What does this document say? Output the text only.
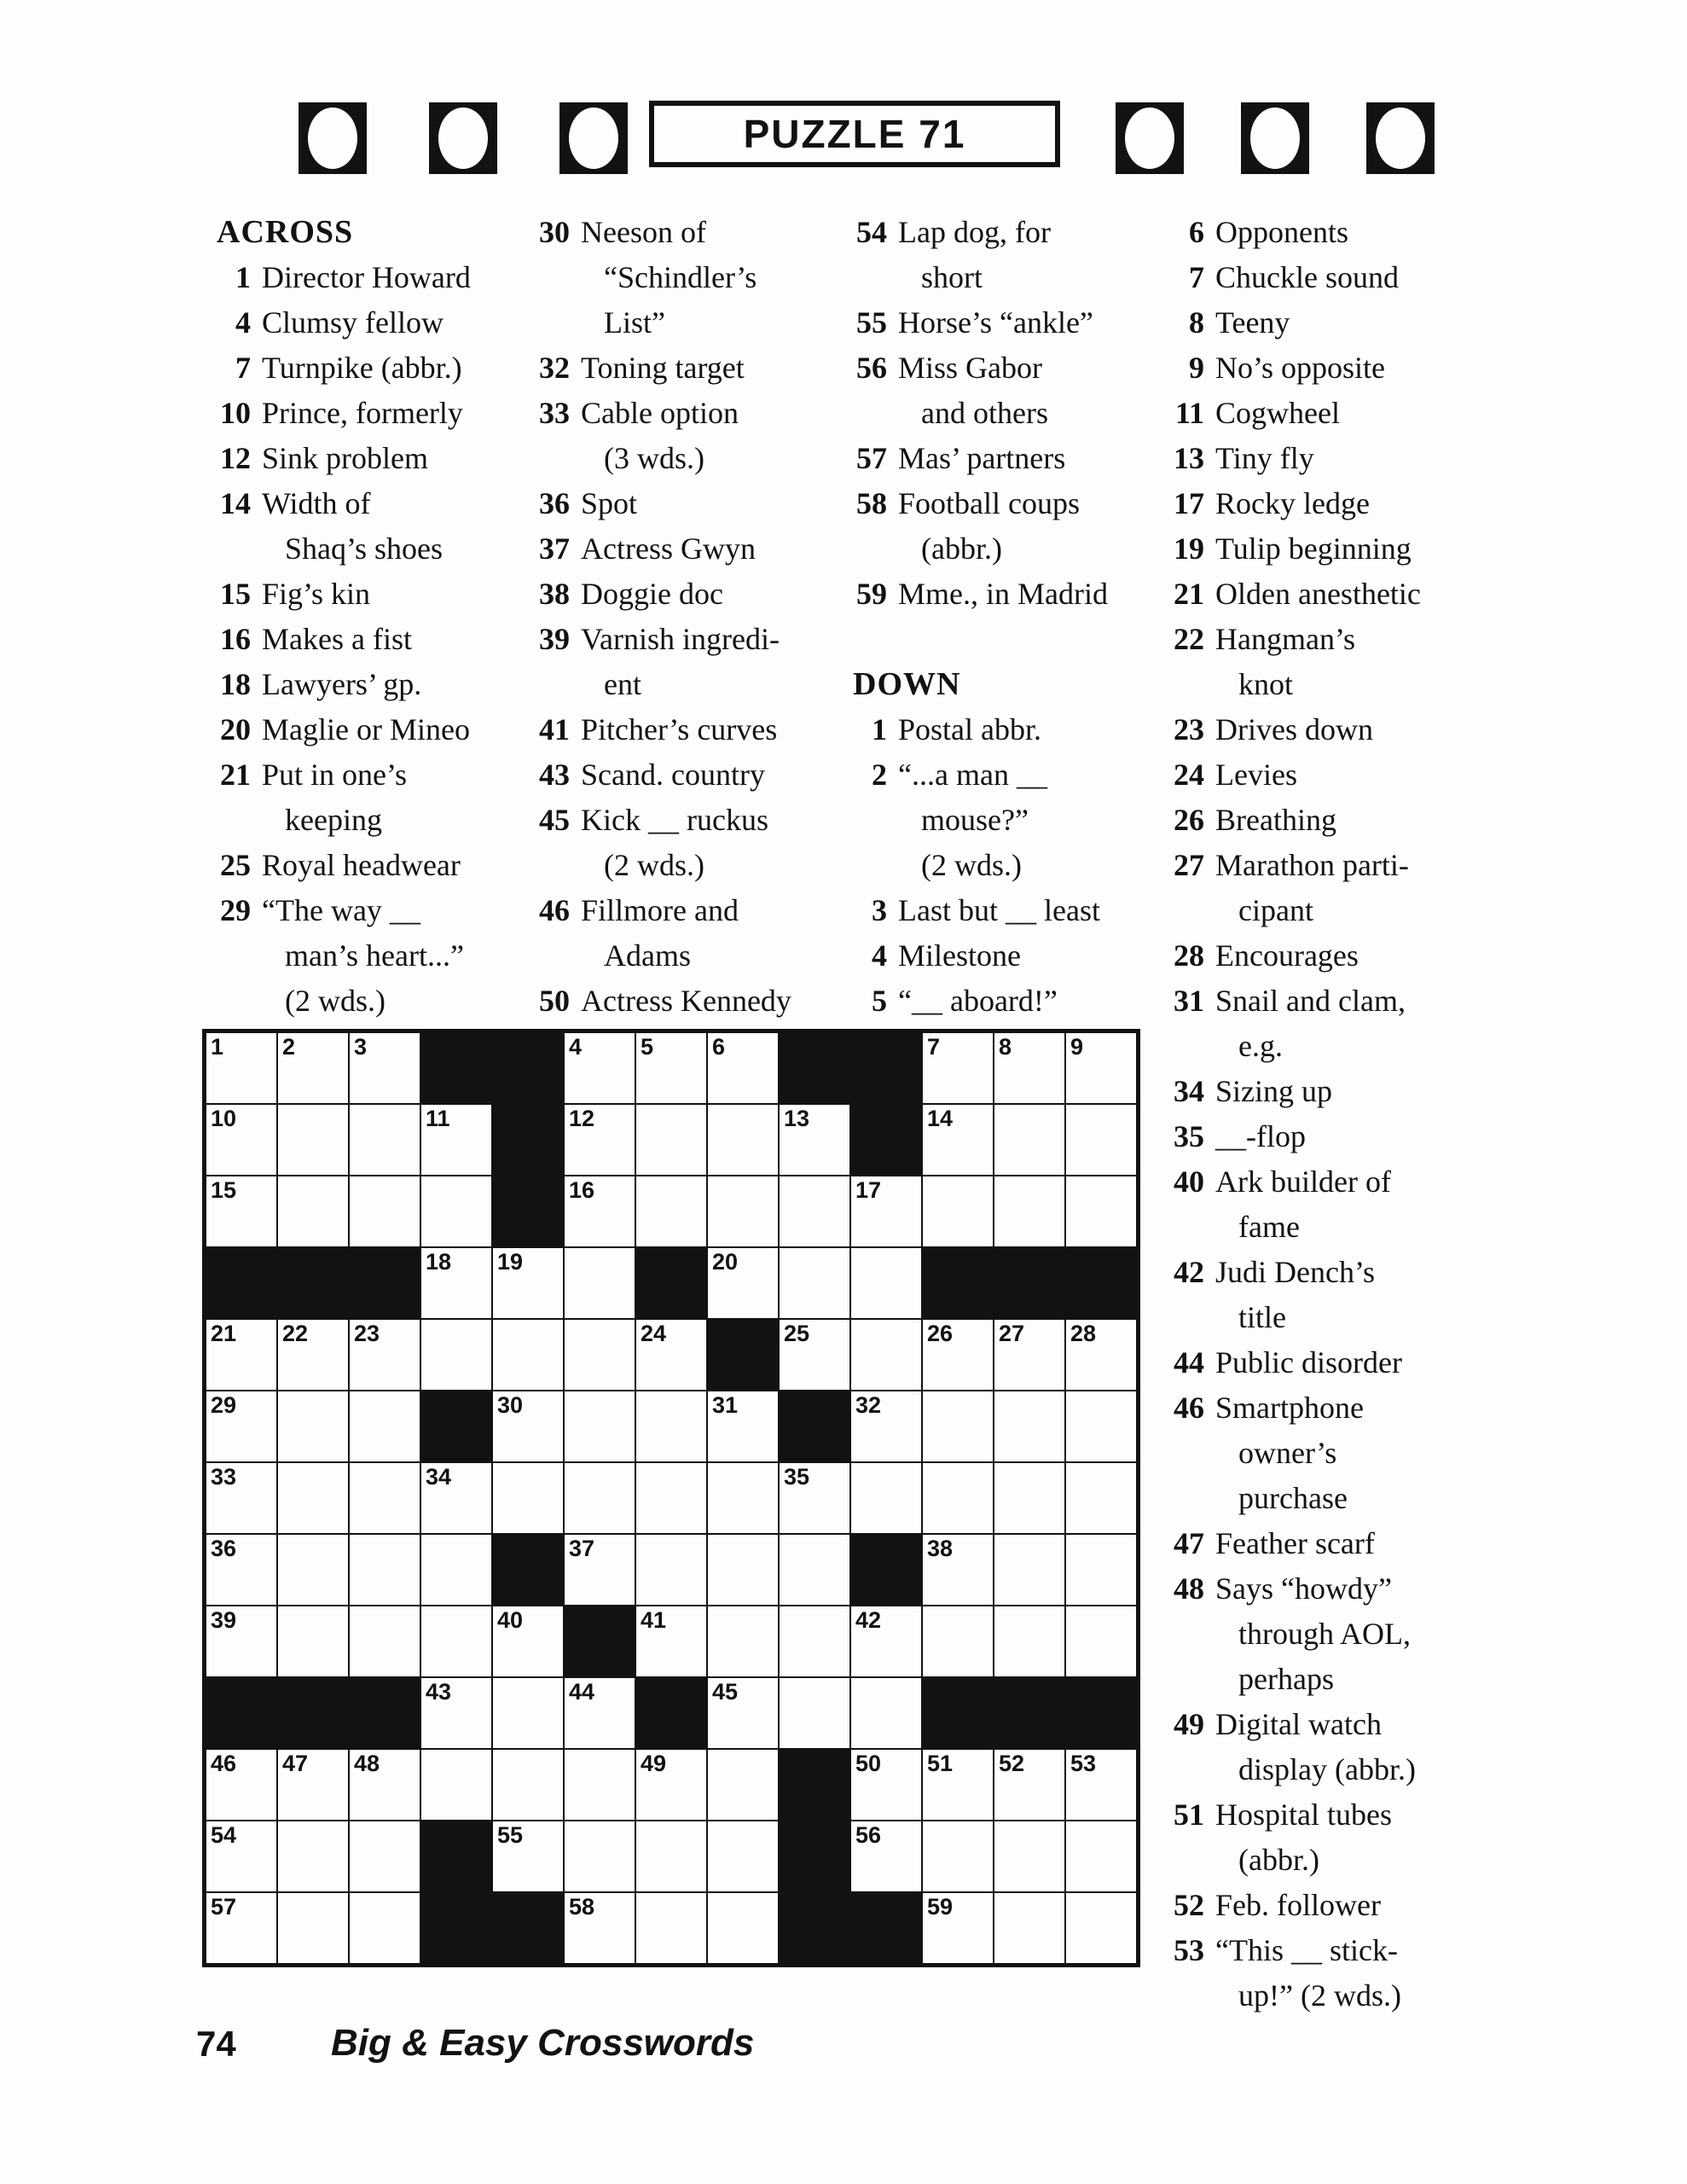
PUZZLE 71
ACROSS
1 Director Howard
4 Clumsy fellow
7 Turnpike (abbr.)
10 Prince, formerly
12 Sink problem
14 Width of
Shaq’s shoes
15 Fig’s kin
16 Makes a fist
18 Lawyers’ gp.
20 Maglie or Mineo
21 Put in one’s
keeping
25 Royal headwear
29 “The way __
man’s heart...”
(2 wds.)
30 Neeson of
“Schindler’s
List”
32 Toning target
33 Cable option
(3 wds.)
36 Spot
37 Actress Gwyn
38 Doggie doc
39 Varnish ingredi-
ent
41 Pitcher’s curves
43 Scand. country
45 Kick __ ruckus
(2 wds.)
46 Fillmore and
Adams
50 Actress Kennedy
54 Lap dog, for
short
55 Horse’s “ankle”
56 Miss Gabor
and others
57 Mas’ partners
58 Football coups
(abbr.)
59 Mme., in Madrid
DOWN
1 Postal abbr.
2 “...a man __
mouse?”
(2 wds.)
3 Last but __ least
4 Milestone
5 “__ aboard!”
6 Opponents
7 Chuckle sound
8 Teeny
9 No’s opposite
11 Cogwheel
13 Tiny fly
17 Rocky ledge
19 Tulip beginning
21 Olden anesthetic
22 Hangman’s
knot
23 Drives down
24 Levies
26 Breathing
27 Marathon parti-
cipant
28 Encourages
31 Snail and clam,
e.g.
34 Sizing up
35 __-flop
40 Ark builder of
fame
42 Judi Dench’s
title
44 Public disorder
46 Smartphone
owner’s
purchase
47 Feather scarf
48 Says “howdy”
through AOL,
perhaps
49 Digital watch
display (abbr.)
51 Hospital tubes
(abbr.)
52 Feb. follower
53 “This __ stick-
up!” (2 wds.)
1	2	3	4	5	6	7	8	9
10	11	12	13	14
15	16	17
18 19	20
21 22 23	24	25	26 27 28
29	30	31	32
33	34	35
36	37	38
39	40	41	42
43	44	45
46 47 48	49	50 51 52 53
54	55	56
57	58	59
74	Big & Easy Crosswords
